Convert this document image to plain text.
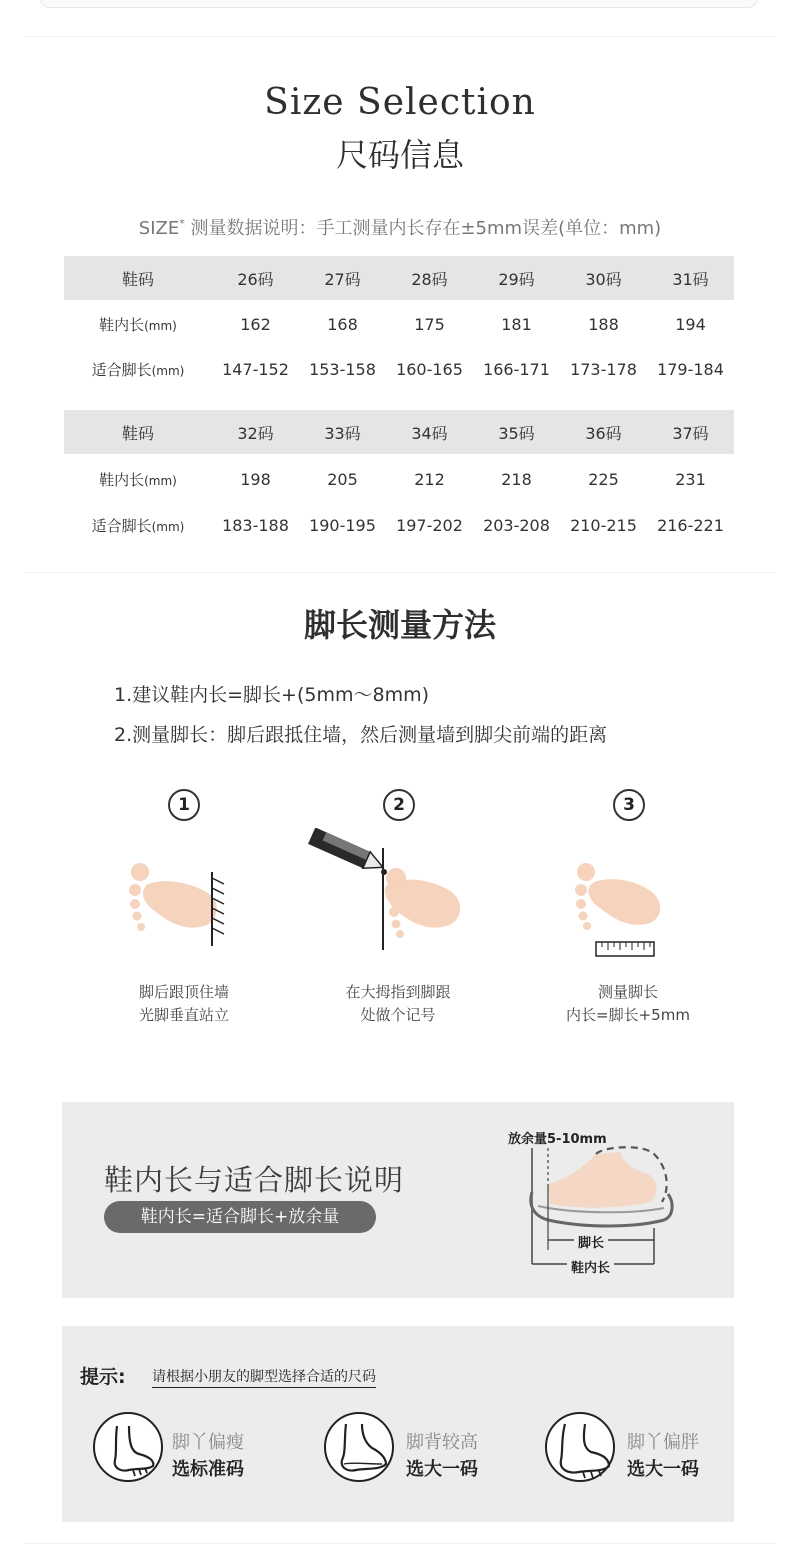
Size Selection
尺码信息
SIZE* 测量数据说明：手工测量内长存在±5mm误差(单位：mm)
鞋码	26码	27码	28码	29码	30码	31码
鞋内长(mm)	162	168	175	181	188	194
适合脚长(mm)	147-152	153-158	160-165	166-171	173-178	179-184
鞋码	32码	33码	34码	35码	36码	37码
鞋内长(mm)	198	205	212	218	225	231
适合脚长(mm)	183-188	190-195	197-202	203-208	210-215	216-221
脚长测量方法
1.建议鞋内长=脚长+(5mm～8mm)
2.测量脚长：脚后跟抵住墙，然后测量墙到脚尖前端的距离
1
脚后跟顶住墙
光脚垂直站立
2
在大拇指到脚跟
处做个记号
3
测量脚长
内长=脚长+5mm
鞋内长与适合脚长说明
鞋内长=适合脚长+放余量
放余量5-10mm
脚长
鞋内长
提示: 请根据小朋友的脚型选择合适的尺码
脚丫偏瘦
选标准码
脚背较高
选大一码
脚丫偏胖
选大一码
